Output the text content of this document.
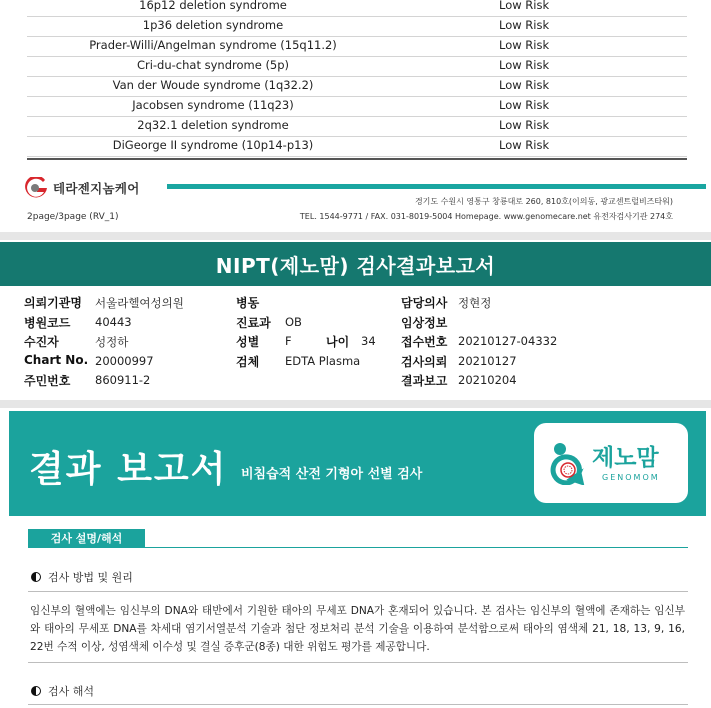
16p12 deletion syndrome	Low Risk
1p36 deletion syndrome	Low Risk
Prader-Willi/Angelman syndrome (15q11.2)	Low Risk
Cri-du-chat syndrome (5p)	Low Risk
Van der Woude syndrome (1q32.2)	Low Risk
Jacobsen syndrome (11q23)	Low Risk
2q32.1 deletion syndrome	Low Risk
DiGeorge II syndrome (10p14-p13)	Low Risk
테라젠지놈케어
경기도 수원시 영통구 창룡대로 260, 810호(이의동, 광교센트럴비즈타워)
2page/3page (RV_1)	TEL. 1544-9771 / FAX. 031-8019-5004 Homepage. www.genomecare.net 유전자검사기관 274호
NIPT(제노맘) 검사결과보고서
의뢰기관명 서울라헬여성의원
병원코드 40443
수진자	성정하
Chart No. 20000997
주민번호 860911-2
병동
진료과 OB
성별 F	나이 34
검체 EDTA Plasma
담당의사 정현정
임상정보
접수번호 20210127-04332
검사의뢰 20210127
결과보고 20210204
결과 보고서 비침습적 산전 기형아 선별 검사
제노맘
GENOMOM
검사 설명/해석
검사 방법 및 원리

임신부의 혈액에는 임신부의 DNA와 태반에서 기원한 태아의 무세포 DNA가 혼재되어 있습니다. 본 검사는 임신부의 혈액에 존재하는 임신부와 태아의 무세포 DNA를 차세대 염기서열분석 기술과 첨단 정보처리 분석 기술을 이용하여 분석함으로써 태아의 염색체 21, 18, 13, 9, 16, 22번 수적 이상, 성염색체 이수성 및 결실 증후군(8종) 대한 위험도 평가를 제공합니다.

검사 해석
